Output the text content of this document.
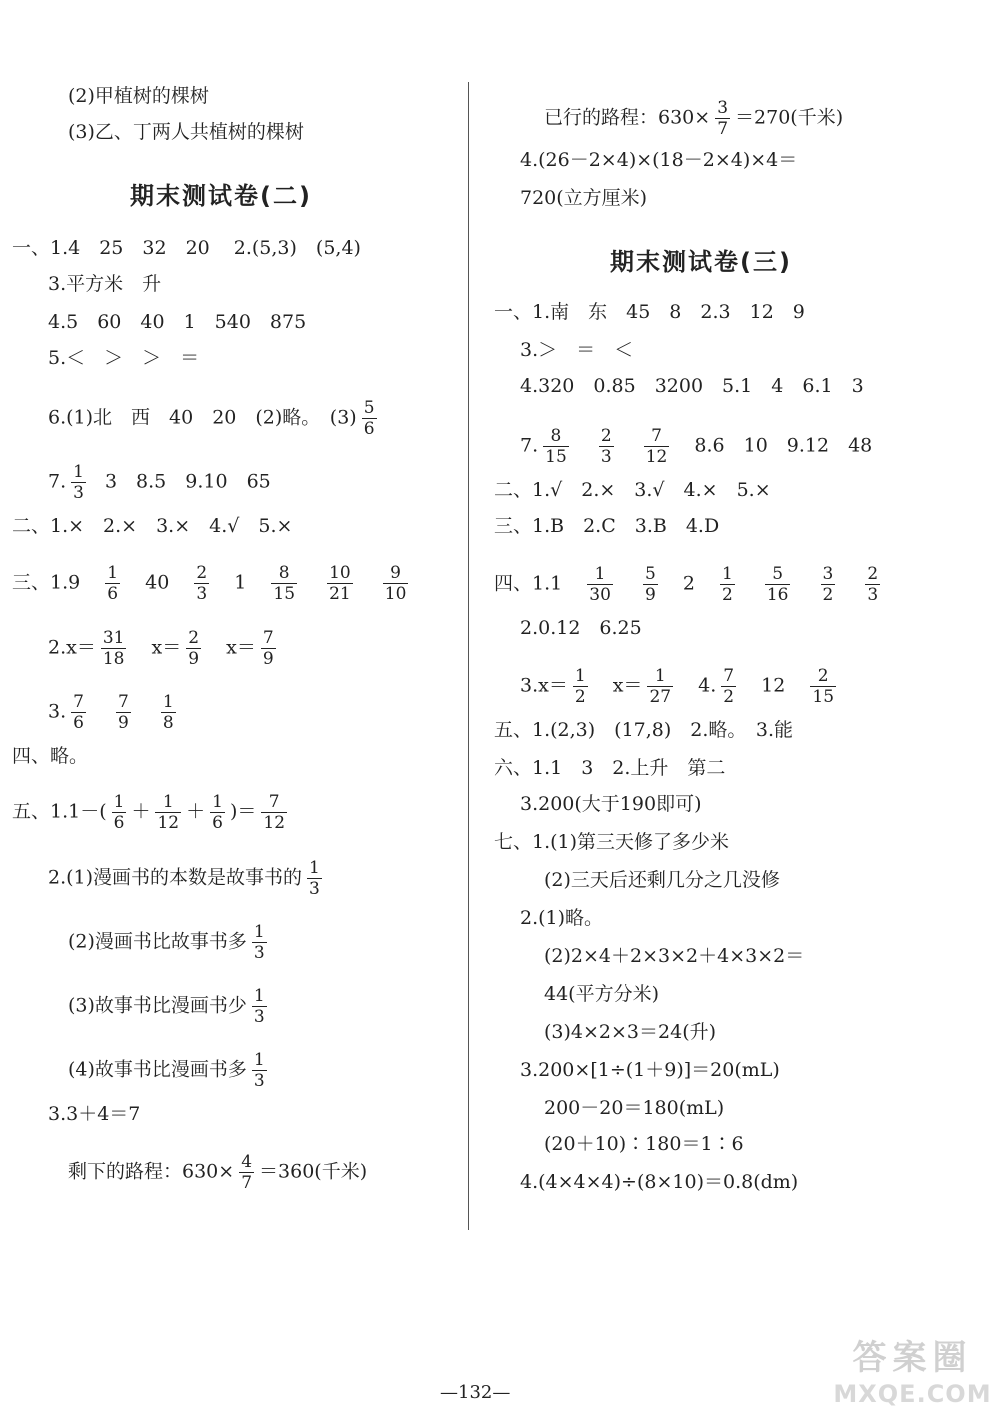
(2)甲植树的棵树
(3)乙、丁两人共植树的棵树
期末测试卷(二)
一、1.4　25　32　20 2.(5,3)　(5,4)
3.平方米　升
4.5　60　40　1　540　875
5.＜　＞　＞　＝
6.(1)北　西　40　20　(2)略。　$(3) \frac{5}{6}$
7. $\frac{1}{3} 3$　8.5　9.10　65
二、1.×　2.×　3.×　4.√　5.×
三、$1.9 \frac{1}{6} 40 \frac{2}{3} 1 \frac{8}{15}$
$\frac{10}{21}$
$\frac{9}{10}$
$2.x= \frac{31}{18} x= \frac{2}{9} x= \frac{7}{9}$
3. $\frac{7}{6}$
$\frac{7}{9}$
$\frac{1}{8}$
四、略。
五、$1.1-( \frac{1}{6} + \frac{1}{12} + \frac{1}{6}$ )＝ $\frac{7}{12}$
2.(1)漫画书的本数是故事书的 $\frac{1}{3}$
(2)漫画书比故事书多 $\frac{1}{3}$
(3)故事书比漫画书少 $\frac{1}{3}$
(4)故事书比漫画书多 $\frac{1}{3}$
3.3＋4＝7
剩下的路程：$630\times \frac{4}{7} =360$(千米)
已行的路程：$630\times \frac{3}{7} =270$(千米)
4.(26－2×4)×(18－2×4)×4＝
720(立方厘米)
期末测试卷(三)
一、1.南　东　45　8　2.3　12　9
3.＞　＝　＜
4.320　0.85　3200　5.1　4　6.1　3
7. $\frac{8}{15}$
$\frac{2}{3}$
$\frac{7}{12} 8.6$　10　9.12　48
二、1.√　2.×　3.√　4.×　5.×
三、1.B　2.C　3.B　4.D
四、$1.1 \frac{1}{30}$
$\frac{5}{9} 2 \frac{1}{2}$
$\frac{5}{16}$
$\frac{3}{2}$
$\frac{2}{3}$
2.0.12　6.25
$3.x= \frac{1}{2} x= \frac{1}{27} 4$. $\frac{7}{2} 12 \frac{2}{15}$
五、1.(2,3)　(17,8)　2.略。　3.能
六、1.1　3　2.上升　第二
3.200(大于190即可)
七、1.(1)第三天修了多少米
(2)三天后还剩几分之几没修
2.(1)略。
(2)2×4＋2×3×2＋4×3×2＝
44(平方分米)
(3)4×2×3＝24(升)
3.200×[1÷(1＋9)]＝20(mL)
200－20＝180(mL)
(20＋10)∶180＝1∶6
4.(4×4×4)÷(8×10)＝0.8(dm)
—132—
答案圈
MXQE.COM
